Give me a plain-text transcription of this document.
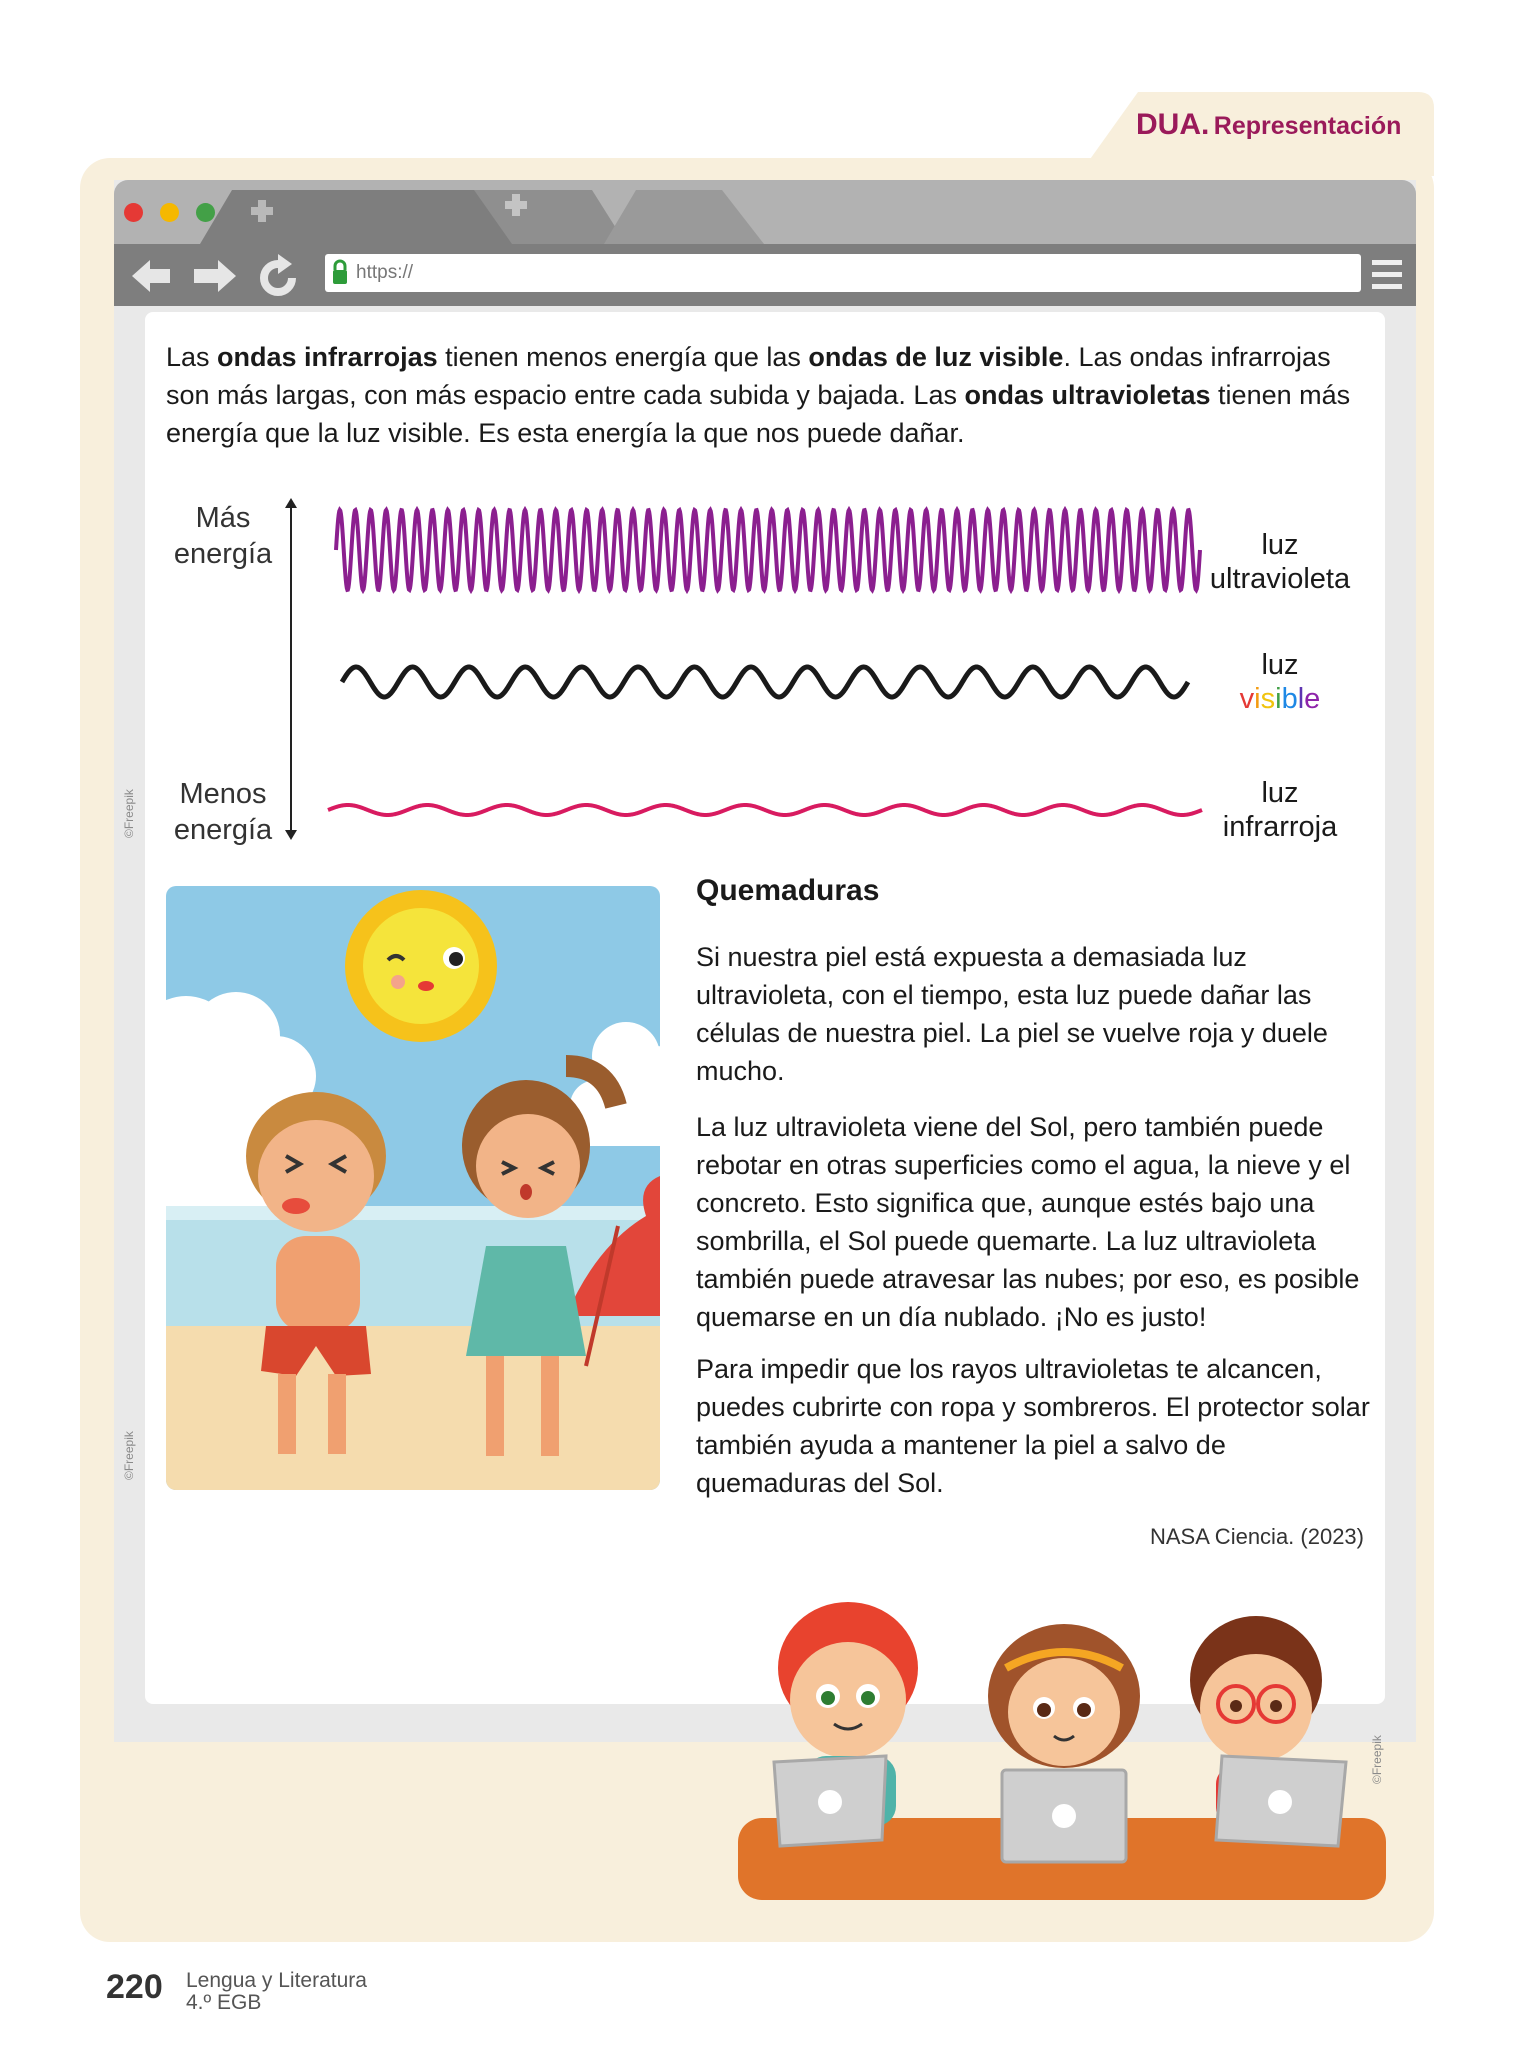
DUA. Representación
https://

Las ondas infrarrojas tienen menos energía que las ondas de luz visible. Las ondas infrarrojas son más largas, con más espacio entre cada subida y bajada. Las ondas ultravioletas tienen más energía que la luz visible. Es esta energía la que nos puede dañar.

Más
energía
Menos
energía
luz
ultravioleta
luz
visible
luz
infrarroja
Quemaduras

Si nuestra piel está expuesta a demasiada luz ultravioleta, con el tiempo, esta luz puede dañar las células de nuestra piel. La piel se vuelve roja y duele mucho.

La luz ultravioleta viene del Sol, pero también puede rebotar en otras superficies como el agua, la nieve y el concreto. Esto significa que, aunque estés bajo una sombrilla, el Sol puede quemarte. La luz ultravioleta también puede atravesar las nubes; por eso, es posible quemarse en un día nublado. ¡No es justo!

Para impedir que los rayos ultravioletas te alcancen, puedes cubrirte con ropa y sombreros. El protector solar también ayuda a mantener la piel a salvo de quemaduras del Sol.

NASA Ciencia. (2023)
©Freepik
©Freepik
©Freepik
220 Lengua y Literatura
4.º EGB
